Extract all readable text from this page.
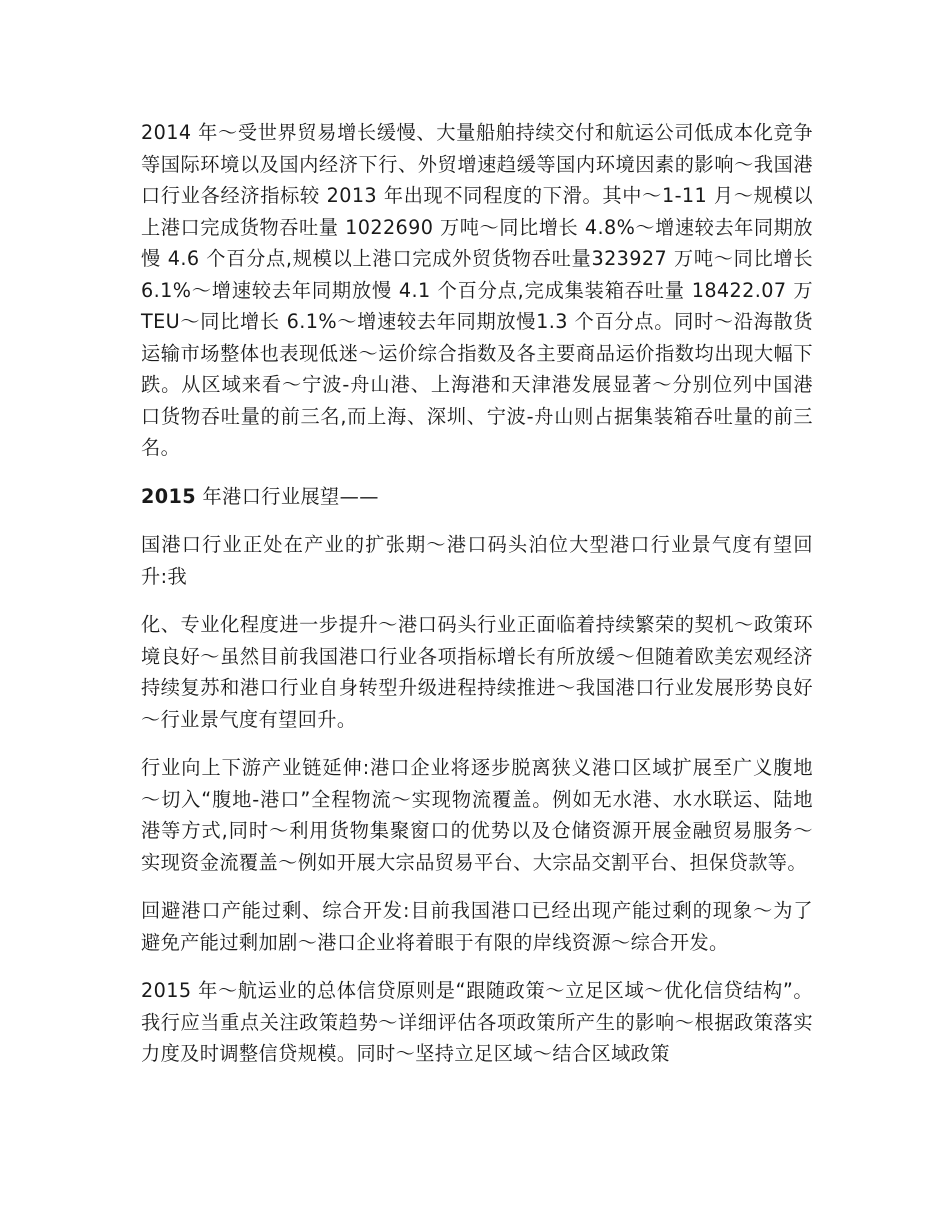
2014 年～受世界贸易增长缓慢、大量船舶持续交付和航运公司低成本化竞争等国际环境以及国内经济下行、外贸增速趋缓等国内环境因素的影响～我国港口行业各经济指标较 2013 年出现不同程度的下滑。其中～1-11 月～规模以上港口完成货物吞吐量 1022690 万吨～同比增长 4.8%～增速较去年同期放慢 4.6 个百分点,规模以上港口完成外贸货物吞吐量323927 万吨～同比增长 6.1%～增速较去年同期放慢 4.1 个百分点,完成集装箱吞吐量 18422.07 万 TEU～同比增长 6.1%～增速较去年同期放慢1.3 个百分点。同时～沿海散货运输市场整体也表现低迷～运价综合指数及各主要商品运价指数均出现大幅下跌。从区域来看～宁波-舟山港、上海港和天津港发展显著～分别位列中国港口货物吞吐量的前三名,而上海、深圳、宁波-舟山则占据集装箱吞吐量的前三名。

2015 年港口行业展望——

国港口行业正处在产业的扩张期～港口码头泊位大型港口行业景气度有望回升:我

化、专业化程度进一步提升～港口码头行业正面临着持续繁荣的契机～政策环境良好～虽然目前我国港口行业各项指标增长有所放缓～但随着欧美宏观经济持续复苏和港口行业自身转型升级进程持续推进～我国港口行业发展形势良好～行业景气度有望回升。

行业向上下游产业链延伸:港口企业将逐步脱离狭义港口区域扩展至广义腹地～切入“腹地-港口”全程物流～实现物流覆盖。例如无水港、水水联运、陆地港等方式,同时～利用货物集聚窗口的优势以及仓储资源开展金融贸易服务～实现资金流覆盖～例如开展大宗品贸易平台、大宗品交割平台、担保贷款等。

回避港口产能过剩、综合开发:目前我国港口已经出现产能过剩的现象～为了避免产能过剩加剧～港口企业将着眼于有限的岸线资源～综合开发。

2015 年～航运业的总体信贷原则是“跟随政策～立足区域～优化信贷结构”。我行应当重点关注政策趋势～详细评估各项政策所产生的影响～根据政策落实力度及时调整信贷规模。同时～坚持立足区域～结合区域政策
